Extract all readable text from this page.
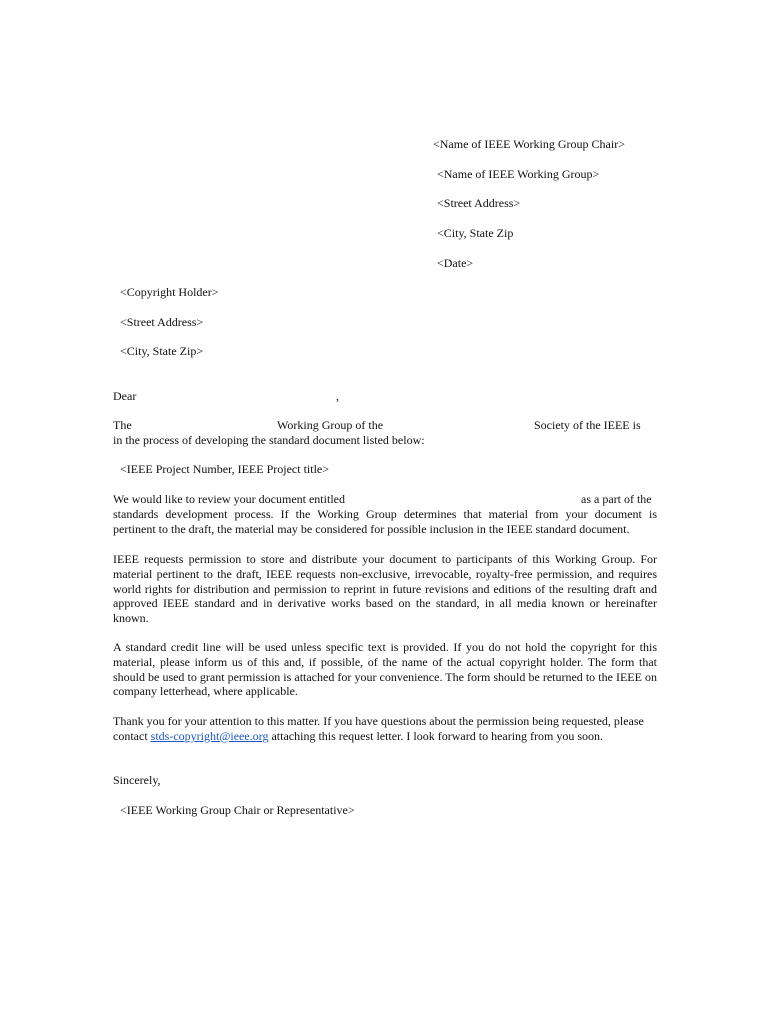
<Name of IEEE Working Group Chair>
<Name of IEEE Working Group>
<Street Address>
<City, State Zip
<Date>
<Copyright Holder>
<Street Address>
<City, State Zip>
Dear	,
The	Working Group of the	Society of the IEEE is
in the process of developing the standard document listed below:
<IEEE Project Number, IEEE Project title>
We would like to review your document entitled	as a part of the
standards development process. If the Working Group determines that material from your document is
pertinent to the draft, the material may be considered for possible inclusion in the IEEE standard document.
IEEE requests permission to store and distribute your document to participants of this Working Group. For material pertinent to the draft, IEEE requests non-exclusive, irrevocable, royalty-free permission, and requires world rights for distribution and permission to reprint in future revisions and editions of the resulting draft and approved IEEE standard and in derivative works based on the standard, in all media known or hereinafter known.
A standard credit line will be used unless specific text is provided. If you do not hold the copyright for this material, please inform us of this and, if possible, of the name of the actual copyright holder. The form that should be used to grant permission is attached for your convenience. The form should be returned to the IEEE on company letterhead, where applicable.
Thank you for your attention to this matter. If you have questions about the permission being requested, please contact stds-copyright@ieee.org attaching this request letter. I look forward to hearing from you soon.
Sincerely,
<IEEE Working Group Chair or Representative>
